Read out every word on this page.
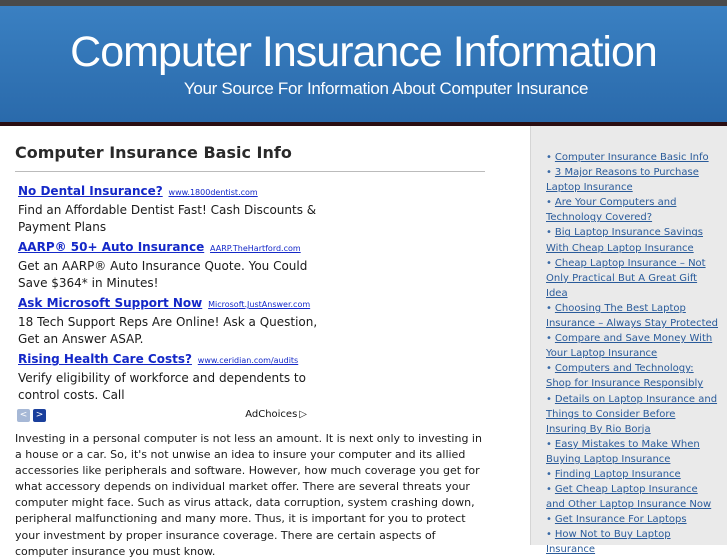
Computer Insurance Information
Your Source For Information About Computer Insurance
Computer Insurance Basic Info
No Dental Insurance? www.1800dentist.com
Find an Affordable Dentist Fast! Cash Discounts & Payment Plans
AARP® 50+ Auto Insurance AARP.TheHartford.com
Get an AARP® Auto Insurance Quote. You Could Save $364* in Minutes!
Ask Microsoft Support Now Microsoft.JustAnswer.com
18 Tech Support Reps Are Online! Ask a Question, Get an Answer ASAP.
Rising Health Care Costs? www.ceridian.com/audits
Verify eligibility of workforce and dependents to control costs. Call
< >	AdChoices ▷

Investing in a personal computer is not less an amount. It is next only to investing in a house or a car. So, it's not unwise an idea to insure your computer and its allied accessories like peripherals and software. However, how much coverage you get for what accessory depends on individual market offer. There are several threats your computer might face. Such as virus attack, data corruption, system crashing down, peripheral malfunctioning and many more. Thus, it is important for you to protect your investment by proper insurance coverage. There are certain aspects of computer insurance you must know.

• Computer Insurance Basic Info
• 3 Major Reasons to Purchase Laptop Insurance
• Are Your Computers and Technology Covered?
• Big Laptop Insurance Savings With Cheap Laptop Insurance
• Cheap Laptop Insurance – Not Only Practical But A Great Gift Idea
• Choosing The Best Laptop Insurance – Always Stay Protected
• Compare and Save Money With Your Laptop Insurance
• Computers and Technology: Shop for Insurance Responsibly
• Details on Laptop Insurance and Things to Consider Before Insuring By Rio Borja
• Easy Mistakes to Make When Buying Laptop Insurance
• Finding Laptop Insurance
• Get Cheap Laptop Insurance and Other Laptop Insurance Now
• Get Insurance For Laptops
• How Not to Buy Laptop Insurance
